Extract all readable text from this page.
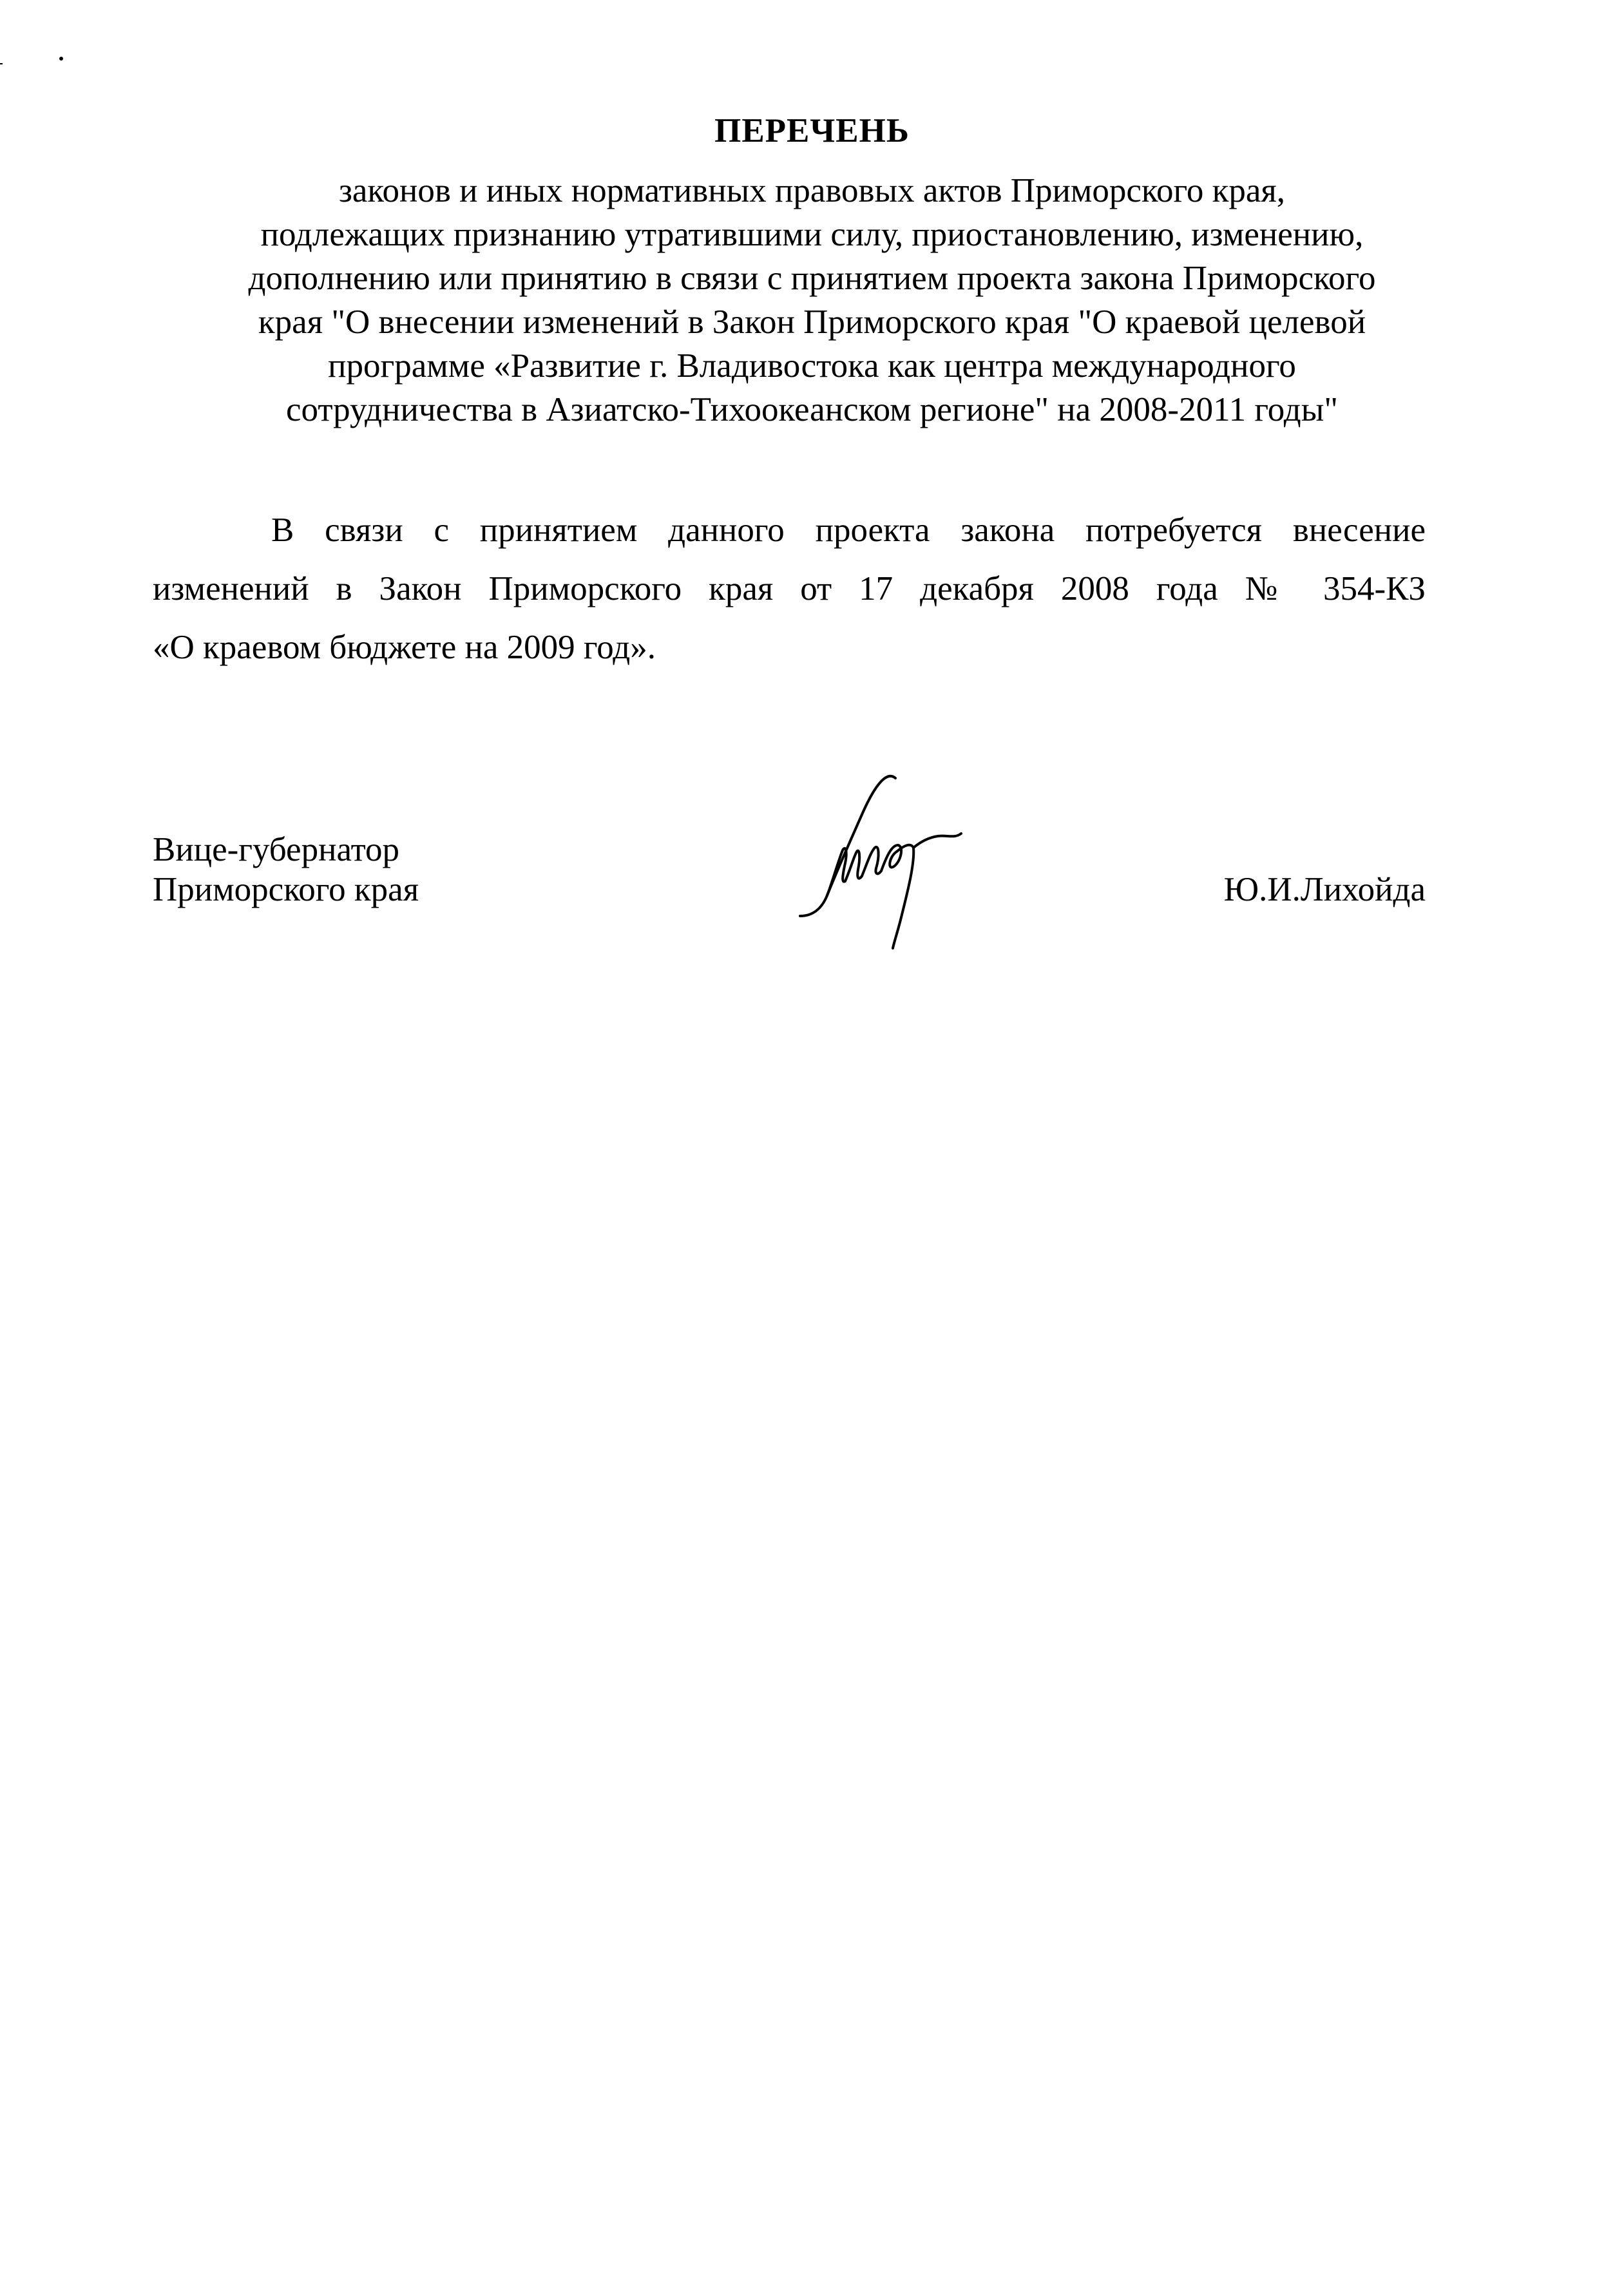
ПЕРЕЧЕНЬ
законов и иных нормативных правовых актов Приморского края,
подлежащих признанию утратившими силу, приостановлению, изменению,
дополнению или принятию в связи с принятием проекта закона Приморского
края "О внесении изменений в Закон Приморского края "О краевой целевой
программе «Развитие г. Владивостока как центра международного
сотрудничества в Азиатско-Тихоокеанском регионе" на 2008-2011 годы"
В связи с принятием данного проекта закона потребуется внесение
изменений в Закон Приморского края от 17 декабря 2008 года № 354-КЗ
«О краевом бюджете на 2009 год».
Вице-губернатор
Приморского края	Ю.И.Лихойда
